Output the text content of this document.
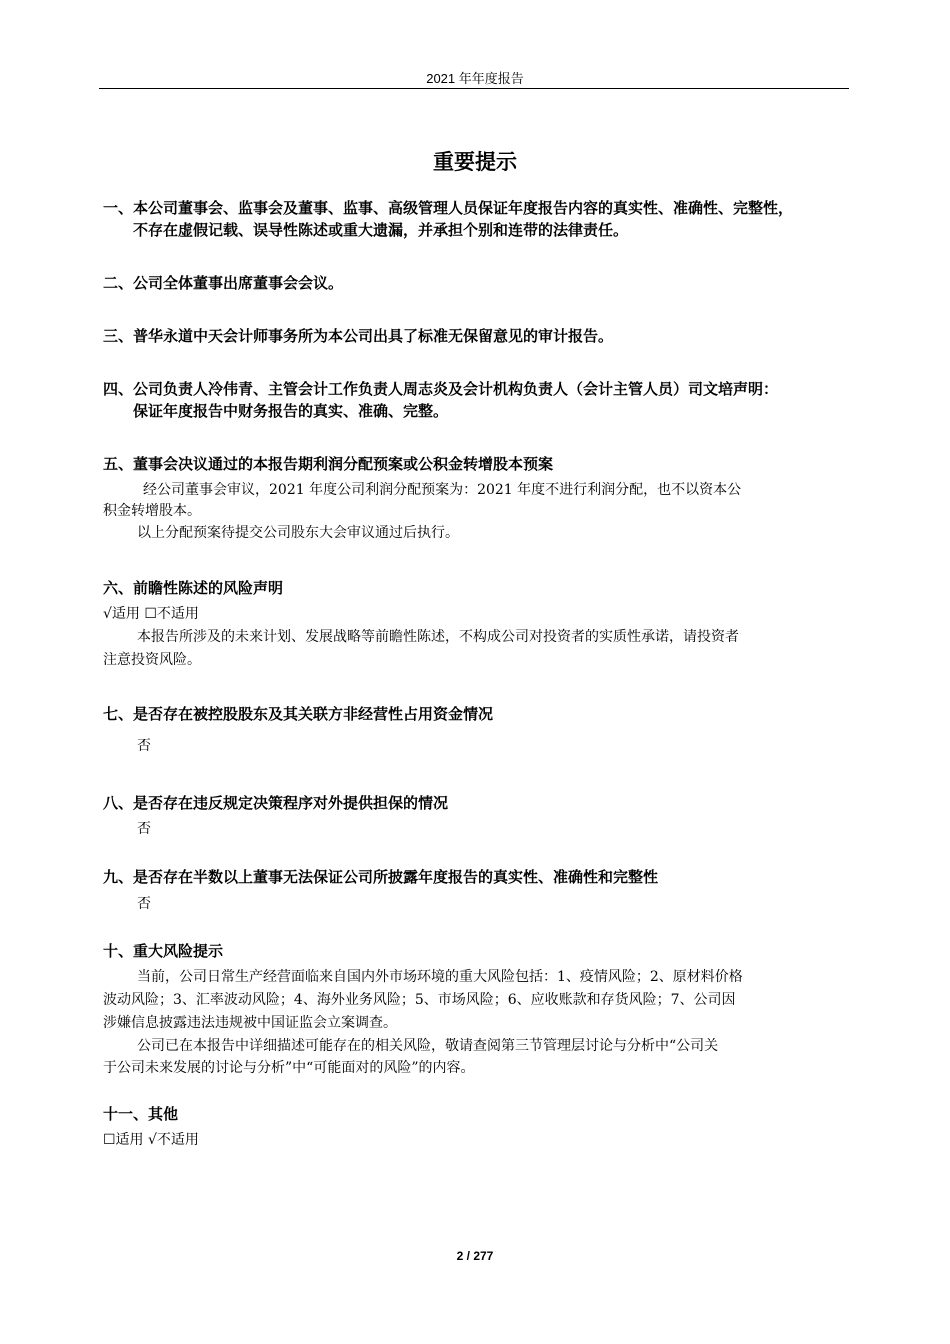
2021 年年度报告
重要提示
一、本公司董事会、监事会及董事、监事、高级管理人员保证年度报告内容的真实性、准确性、完整性，
不存在虚假记载、误导性陈述或重大遗漏，并承担个别和连带的法律责任。
二、公司全体董事出席董事会会议。
三、普华永道中天会计师事务所为本公司出具了标准无保留意见的审计报告。
四、公司负责人冷伟青、主管会计工作负责人周志炎及会计机构负责人（会计主管人员）司文培声明：
保证年度报告中财务报告的真实、准确、完整。
五、董事会决议通过的本报告期利润分配预案或公积金转增股本预案
经公司董事会审议，2021 年度公司利润分配预案为：2021 年度不进行利润分配，也不以资本公
积金转增股本。
以上分配预案待提交公司股东大会审议通过后执行。
六、前瞻性陈述的风险声明
√适用 ☐不适用
本报告所涉及的未来计划、发展战略等前瞻性陈述，不构成公司对投资者的实质性承诺，请投资者
注意投资风险。
七、是否存在被控股股东及其关联方非经营性占用资金情况
否
八、是否存在违反规定决策程序对外提供担保的情况
否
九、是否存在半数以上董事无法保证公司所披露年度报告的真实性、准确性和完整性
否
十、重大风险提示
当前，公司日常生产经营面临来自国内外市场环境的重大风险包括：1、疫情风险；2、原材料价格
波动风险；3、汇率波动风险；4、海外业务风险；5、市场风险；6、应收账款和存货风险；7、公司因
涉嫌信息披露违法违规被中国证监会立案调查。
公司已在本报告中详细描述可能存在的相关风险，敬请查阅第三节管理层讨论与分析中“公司关
于公司未来发展的讨论与分析”中“可能面对的风险”的内容。
十一、其他
☐适用 √不适用
2 / 277
